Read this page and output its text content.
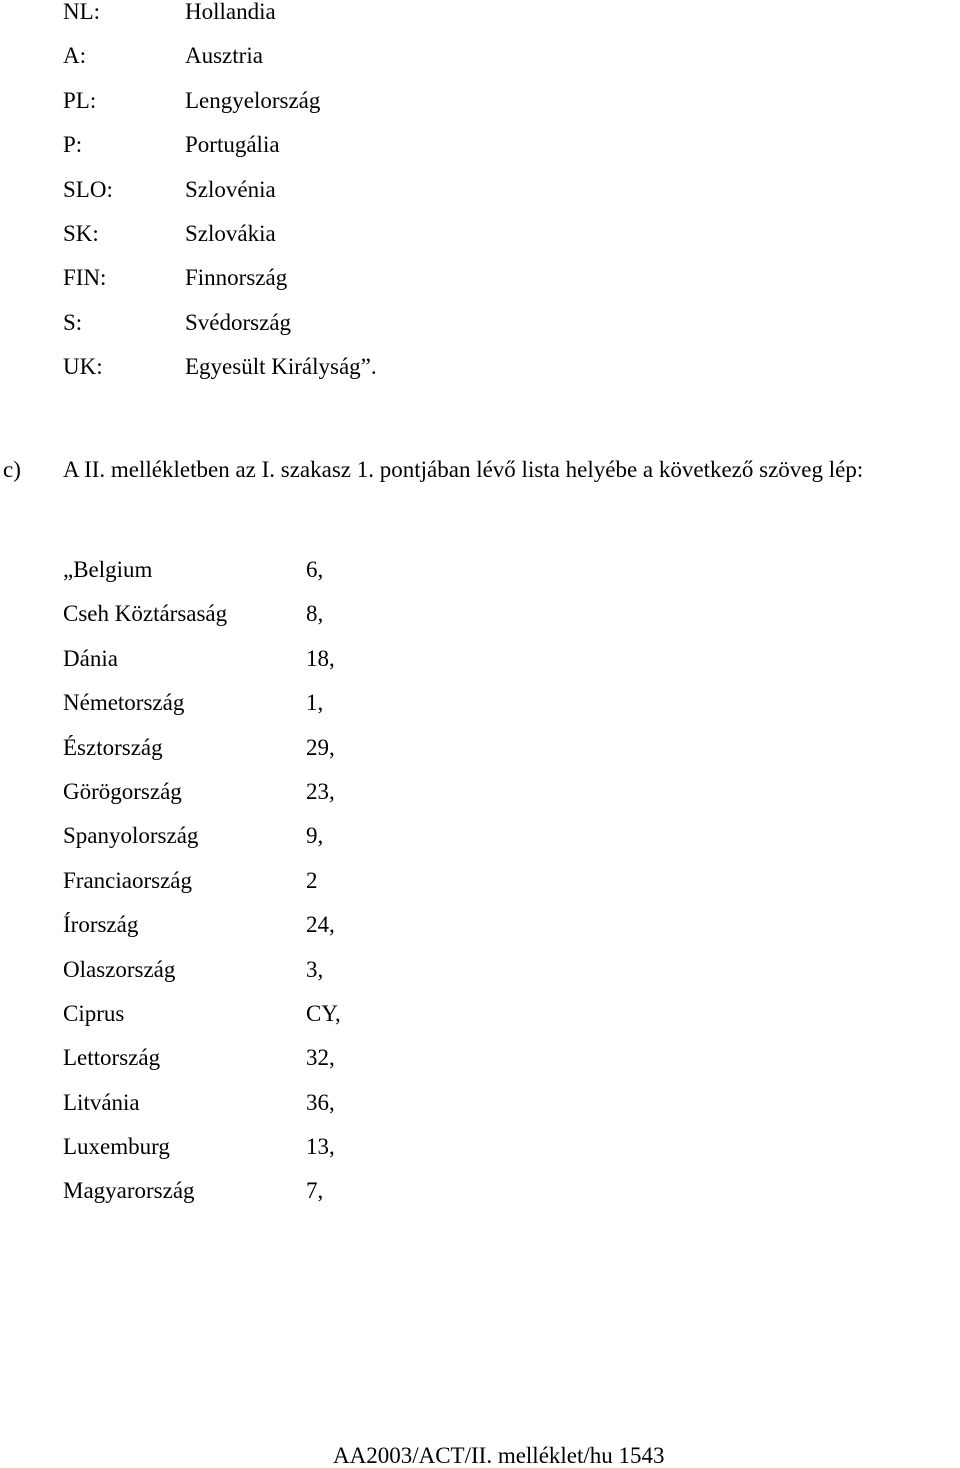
NL:	Hollandia
A:	Ausztria
PL:	Lengyelország
P:	Portugália
SLO:	Szlovénia
SK:	Szlovákia
FIN:	Finnország
S:	Svédország
UK:	Egyesült Királyság”.

c) A II. mellékletben az I. szakasz 1. pontjában lévő lista helyébe a következő szöveg lép:

„Belgium	6,
Cseh Köztársaság	8,
Dánia	18,
Németország	1,
Észtország	29,
Görögország	23,
Spanyolország	9,
Franciaország	2
Írország	24,
Olaszország	3,
Ciprus	CY,
Lettország	32,
Litvánia	36,
Luxemburg	13,
Magyarország	7,
AA2003/ACT/II. melléklet/hu 1543
